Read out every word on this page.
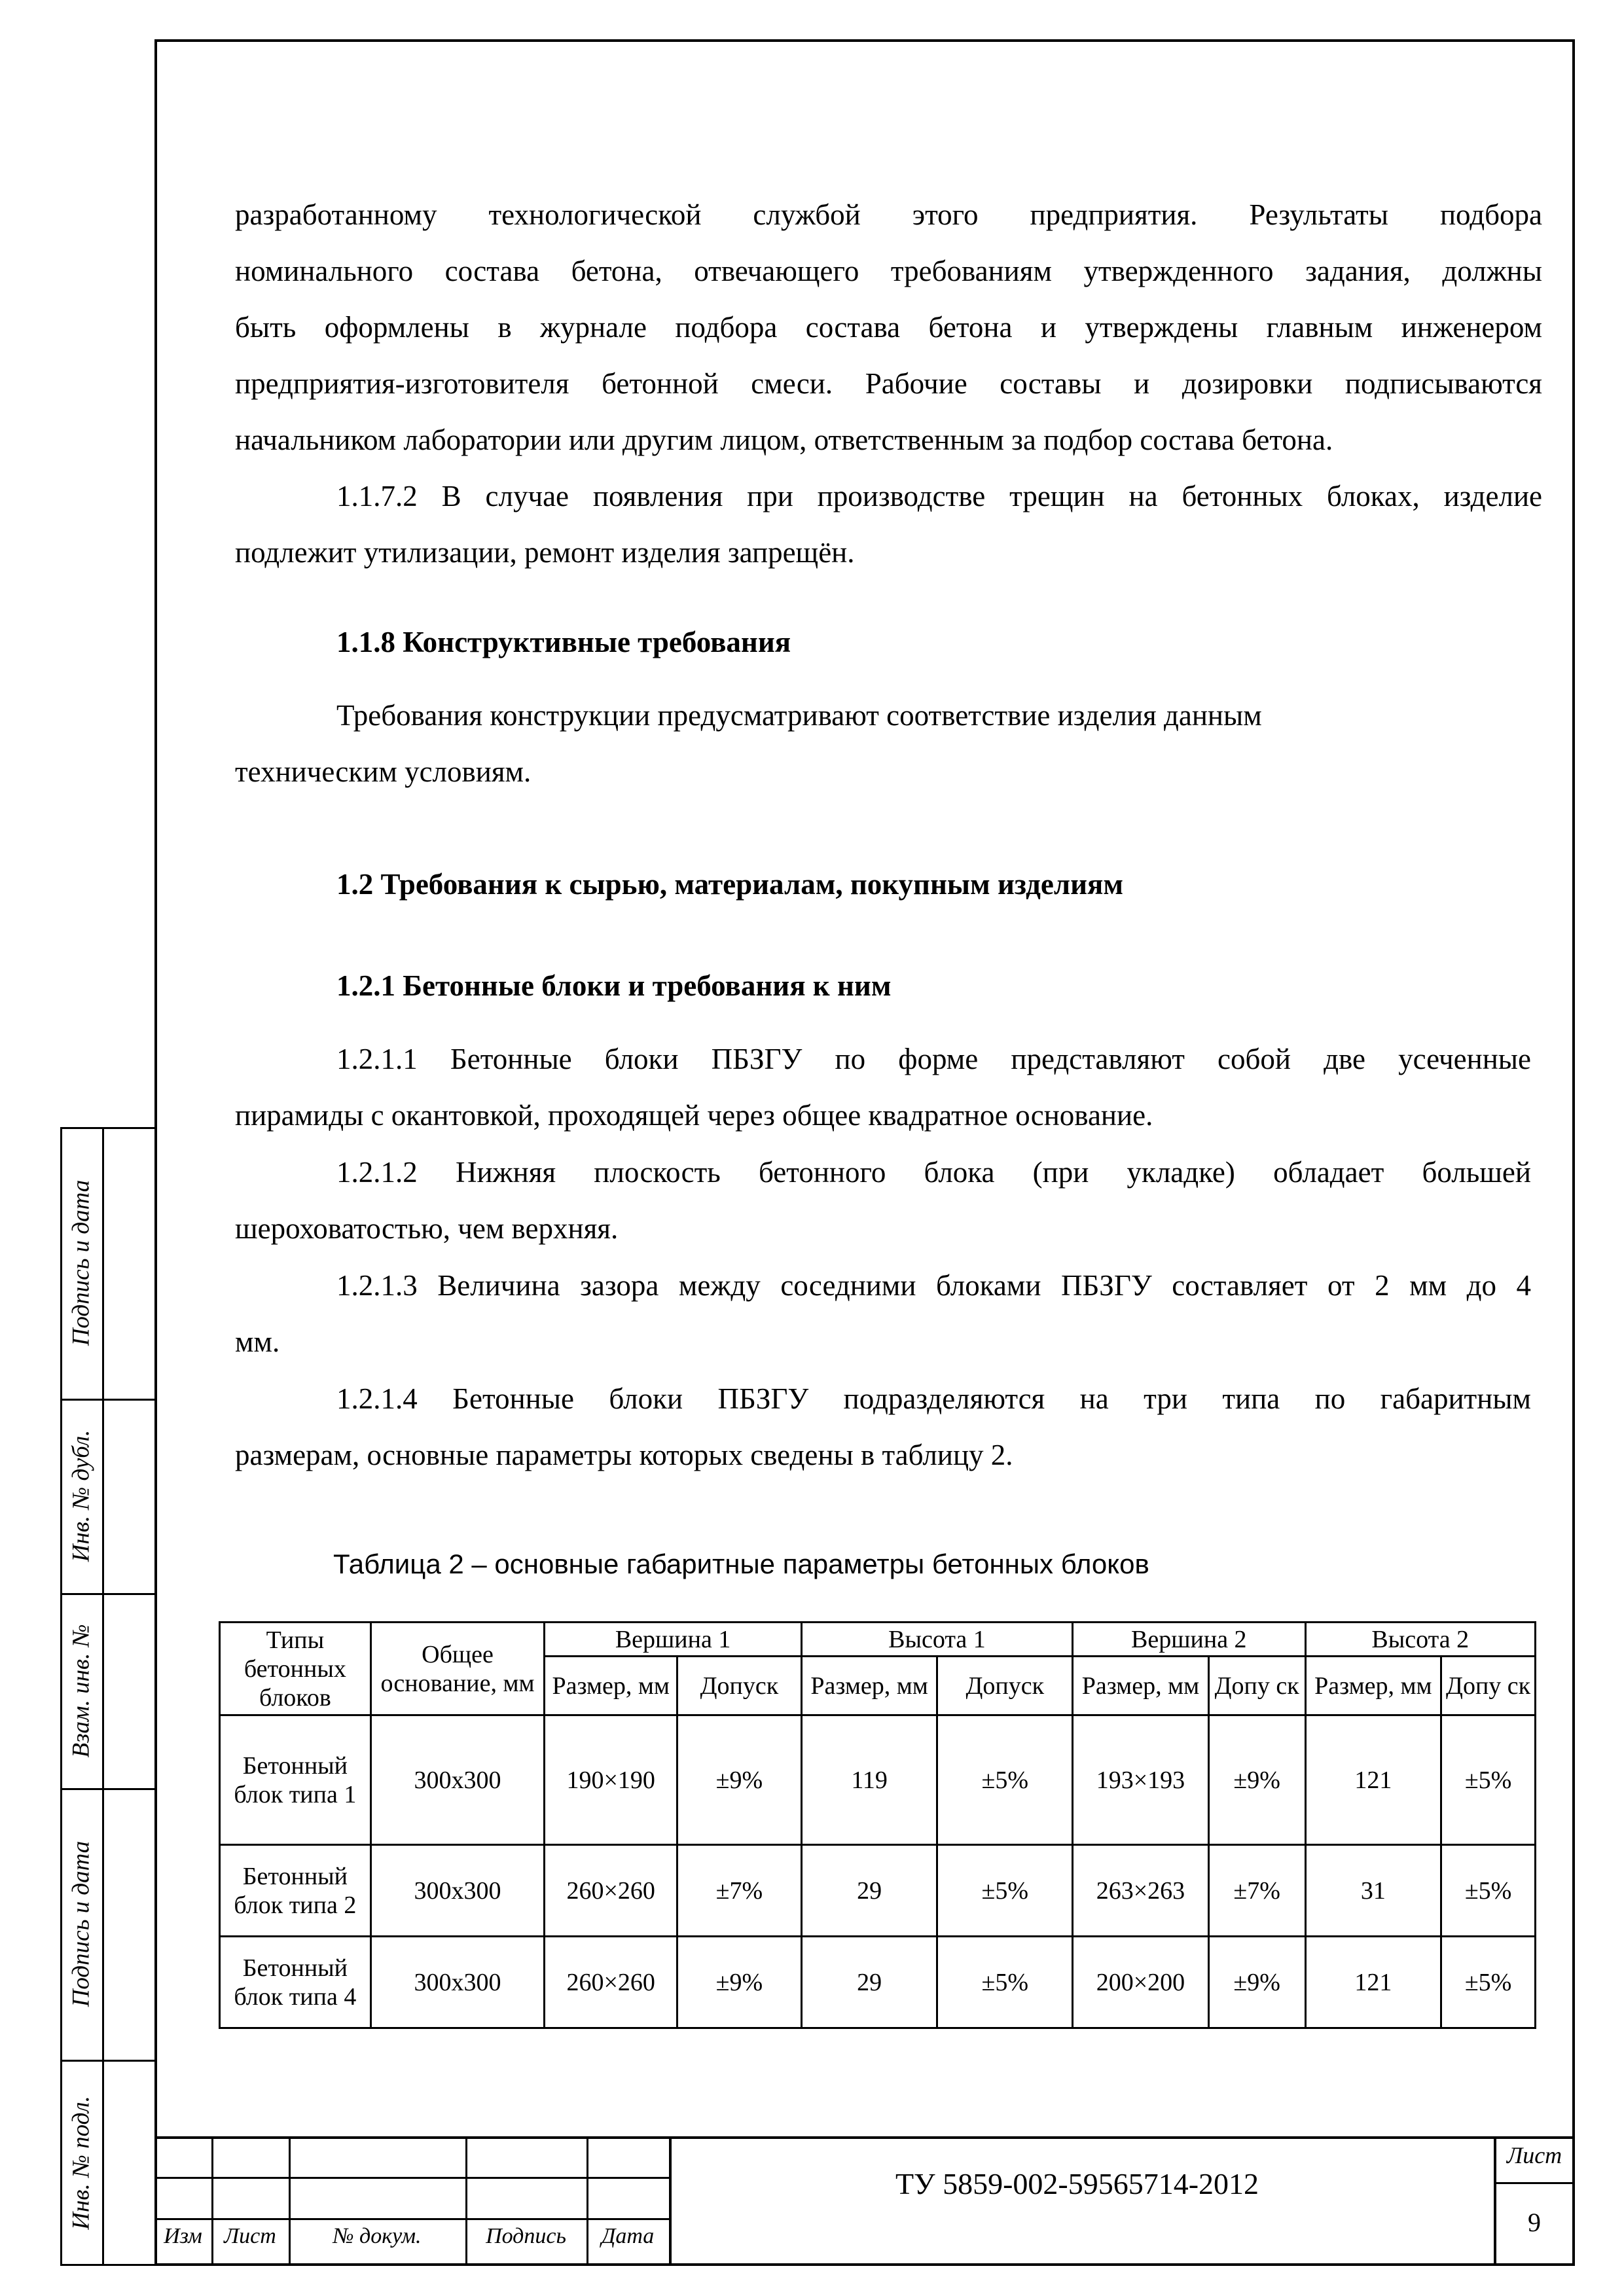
разработанному технологической службой этого предприятия. Результаты подбора
номинального состава бетона, отвечающего требованиям утвержденного задания, должны
быть оформлены в журнале подбора состава бетона и утверждены главным инженером
предприятия-изготовителя бетонной смеси. Рабочие составы и дозировки подписываются
начальником лаборатории или другим лицом, ответственным за подбор состава бетона.
1.1.7.2 В случае появления при производстве трещин на бетонных блоках, изделие
подлежит утилизации, ремонт изделия запрещён.
1.1.8 Конструктивные требования
Требования конструкции предусматривают соответствие изделия данным
техническим условиям.
1.2 Требования к сырью, материалам, покупным изделиям
1.2.1 Бетонные блоки и требования к ним
1.2.1.1 Бетонные блоки ПБЗГУ по форме представляют собой две усеченные
пирамиды с окантовкой, проходящей через общее квадратное основание.
1.2.1.2 Нижняя плоскость бетонного блока (при укладке) обладает большей
шероховатостью, чем верхняя.
1.2.1.3 Величина зазора между соседними блоками ПБЗГУ составляет от 2 мм до 4
мм.
1.2.1.4 Бетонные блоки ПБЗГУ подразделяются на три типа по габаритным
размерам, основные параметры которых сведены в таблицу 2.
Таблица 2 – основные габаритные параметры бетонных блоков
Типы бетонных блоков	Общее основание, мм	Вершина 1		Высота 1		Вершина 2		Высота 2	
		Размер, мм	Допуск	Размер, мм	Допуск	Размер, мм	Допу ск	Размер, мм	Допу ск
Бетонный блок типа 1	300х300	190×190	±9%	119	±5%	193×193	±9%	121	±5%
Бетонный блок типа 2	300х300	260×260	±7%	29	±5%	263×263	±7%	31	±5%
Бетонный блок типа 4	300х300	260×260	±9%	29	±5%	200×200	±9%	121	±5%
Подпись и дата
Инв. № дубл.
Взам. инв. №
Подпись и дата
Инв. № подл.
Изм Лист	№ докум.	Подпись	Дата
ТУ 5859-002-59565714-2012
Лист
9
